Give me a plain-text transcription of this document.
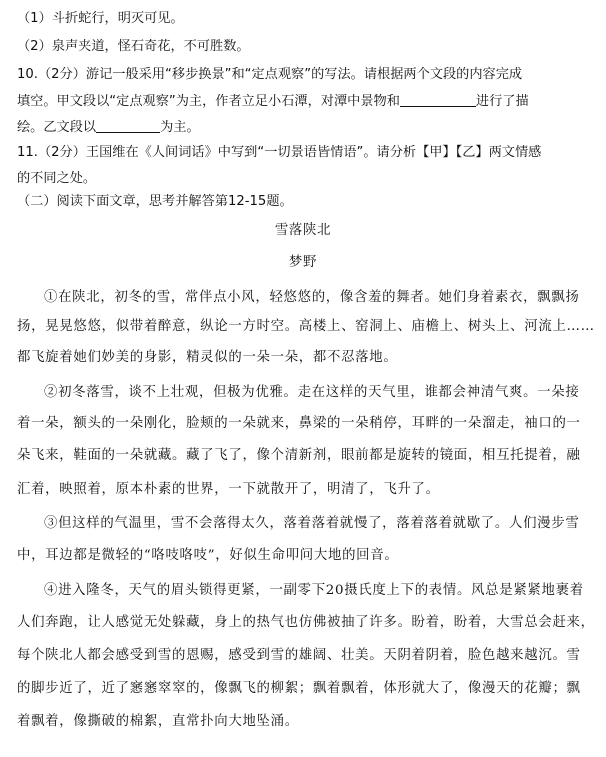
（1）斗折蛇行，明灭可见。
（2）泉声夹道，怪石奇花，不可胜数。
10.（2分）游记一般采用“移步换景”和“定点观察”的写法。请根据两个文段的内容完成
填空。甲文段以“定点观察”为主，作者立足小石潭，对潭中景物和	进行了描
绘。乙文段以	为主。
11.（2分）王国维在《人间词话》中写到“一切景语皆情语”。请分析【甲】【乙】两文情感
的不同之处。
（二）阅读下面文章，思考并解答第12-15题。
雪落陕北
梦野
①在陕北，初冬的雪，常伴点小风，轻悠悠的，像含羞的舞者。她们身着素衣，飘飘扬
扬，晃晃悠悠，似带着醉意，纵论一方时空。高楼上、窑洞上、庙檐上、树头上、河流上……
都飞旋着她们妙美的身影，精灵似的一朵一朵，都不忍落地。
②初冬落雪，谈不上壮观，但极为优雅。走在这样的天气里，谁都会神清气爽。一朵接
着一朵，额头的一朵刚化，脸颊的一朵就来，鼻梁的一朵稍停，耳畔的一朵溜走，袖口的一
朵飞来，鞋面的一朵就藏。藏了飞了，像个清新剂，眼前都是旋转的镜面，相互托提着，融
汇着，映照着，原本朴素的世界，一下就散开了，明清了，飞升了。
③但这样的气温里，雪不会落得太久，落着落着就慢了，落着落着就歇了。人们漫步雪
中，耳边都是微轻的“咯吱咯吱”，好似生命叩问大地的回音。
④进入隆冬，天气的眉头锁得更紧，一副零下20摄氏度上下的表情。风总是紧紧地裹着
人们奔跑，让人感觉无处躲藏，身上的热气也仿佛被抽了许多。盼着，盼着，大雪总会赶来，
每个陕北人都会感受到雪的恩赐，感受到雪的雄阔、壮美。天阴着阴着，脸色越来越沉。雪
的脚步近了，近了窸窸窣窣的，像飘飞的柳絮；飘着飘着，体形就大了，像漫天的花瓣；飘
着飘着，像撕破的棉絮，直常扑向大地坠涌。
